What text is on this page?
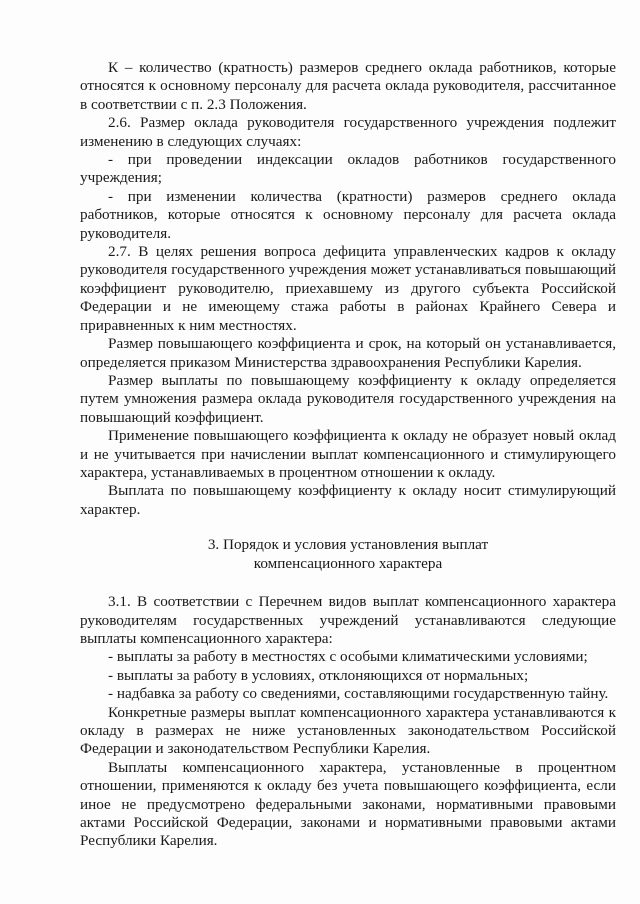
К – количество (кратность) размеров среднего оклада работников, которые относятся к основному персоналу для расчета оклада руководителя, рассчитанное в соответствии с п. 2.3 Положения.

2.6. Размер оклада руководителя государственного учреждения подлежит изменению в следующих случаях:

- при проведении индексации окладов работников государственного учреждения;

- при изменении количества (кратности) размеров среднего оклада работников, которые относятся к основному персоналу для расчета оклада руководителя.

2.7. В целях решения вопроса дефицита управленческих кадров к окладу руководителя государственного учреждения может устанавливаться повышающий коэффициент руководителю, приехавшему из другого субъекта Российской Федерации и не имеющему стажа работы в районах Крайнего Севера и приравненных к ним местностях.

Размер повышающего коэффициента и срок, на который он устанавливается, определяется приказом Министерства здравоохранения Республики Карелия.

Размер выплаты по повышающему коэффициенту к окладу определяется путем умножения размера оклада руководителя государственного учреждения на повышающий коэффициент.

Применение повышающего коэффициента к окладу не образует новый оклад и не учитывается при начислении выплат компенсационного и стимулирующего характера, устанавливаемых в процентном отношении к окладу.

Выплата по повышающему коэффициенту к окладу носит стимулирующий характер.

3. Порядок и условия установления выплат
компенсационного характера

3.1. В соответствии с Перечнем видов выплат компенсационного характера руководителям государственных учреждений устанавливаются следующие выплаты компенсационного характера:

- выплаты за работу в местностях с особыми климатическими условиями;

- выплаты за работу в условиях, отклоняющихся от нормальных;

- надбавка за работу со сведениями, составляющими государственную тайну.

Конкретные размеры выплат компенсационного характера устанавливаются к окладу в размерах не ниже установленных законодательством Российской Федерации и законодательством Республики Карелия.

Выплаты компенсационного характера, установленные в процентном отношении, применяются к окладу без учета повышающего коэффициента, если иное не предусмотрено федеральными законами, нормативными правовыми актами Российской Федерации, законами и нормативными правовыми актами Республики Карелия.
